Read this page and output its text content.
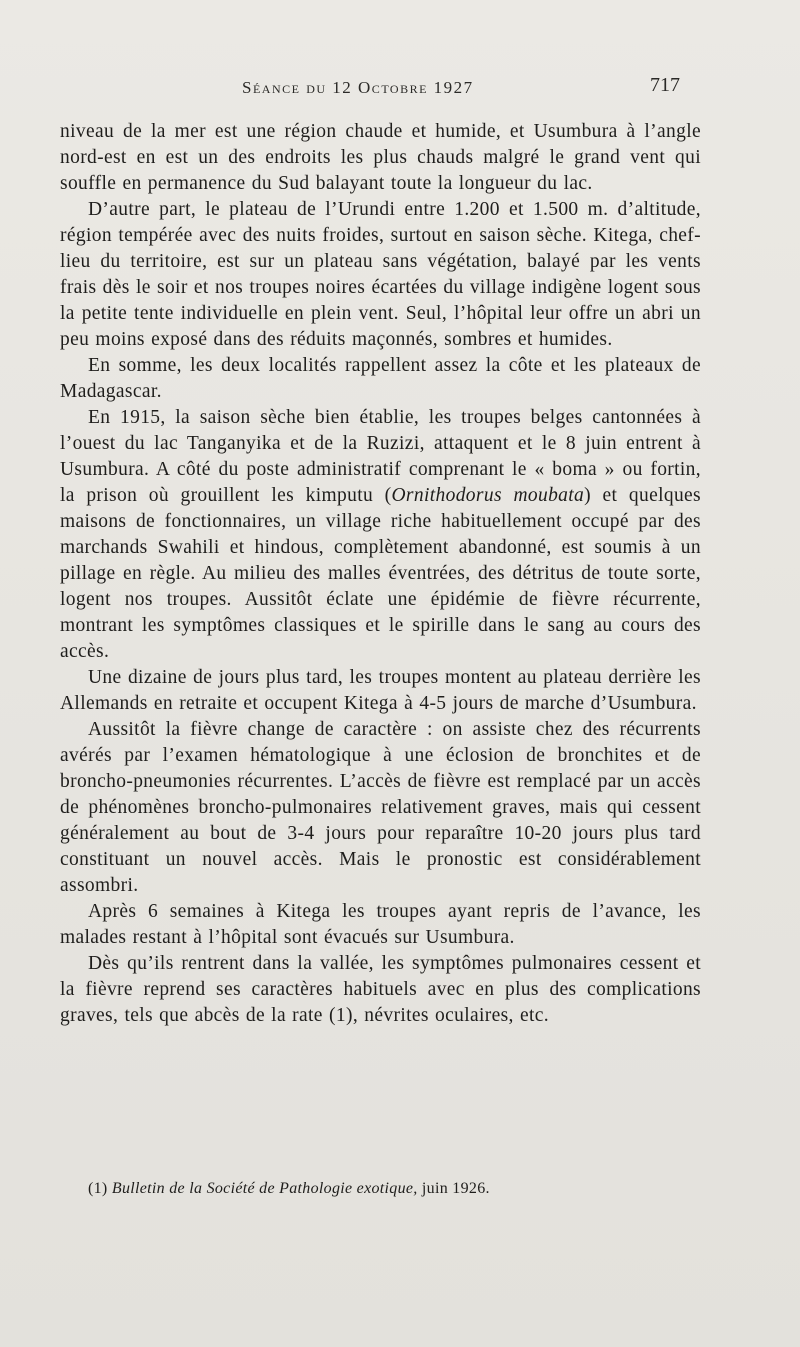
Séance du 12 Octobre 1927	717

niveau de la mer est une région chaude et humide, et Usumbura à l’angle nord-est en est un des endroits les plus chauds malgré le grand vent qui souffle en permanence du Sud balayant toute la longueur du lac.

D’autre part, le plateau de l’Urundi entre 1.200 et 1.500 m. d’altitude, région tempérée avec des nuits froides, surtout en saison sèche. Kitega, chef-lieu du territoire, est sur un plateau sans végétation, balayé par les vents frais dès le soir et nos troupes noires écartées du village indigène logent sous la petite tente individuelle en plein vent. Seul, l’hôpital leur offre un abri un peu moins exposé dans des réduits maçonnés, sombres et humides.

En somme, les deux localités rappellent assez la côte et les plateaux de Madagascar.

En 1915, la saison sèche bien établie, les troupes belges cantonnées à l’ouest du lac Tanganyika et de la Ruzizi, attaquent et le 8 juin entrent à Usumbura. A côté du poste administratif comprenant le « boma » ou fortin, la prison où grouillent les kimputu (Ornithodorus moubata) et quelques maisons de fonctionnaires, un village riche habituellement occupé par des marchands Swahili et hindous, complètement abandonné, est soumis à un pillage en règle. Au milieu des malles éventrées, des détritus de toute sorte, logent nos troupes. Aussitôt éclate une épidémie de fièvre récurrente, montrant les symptômes classiques et le spirille dans le sang au cours des accès.

Une dizaine de jours plus tard, les troupes montent au plateau derrière les Allemands en retraite et occupent Kitega à 4-5 jours de marche d’Usumbura.

Aussitôt la fièvre change de caractère : on assiste chez des récurrents avérés par l’examen hématologique à une éclosion de bronchites et de broncho-pneumonies récurrentes. L’accès de fièvre est remplacé par un accès de phénomènes broncho-pulmonaires relativement graves, mais qui cessent généralement au bout de 3-4 jours pour reparaître 10-20 jours plus tard constituant un nouvel accès. Mais le pronostic est considérablement assombri.

Après 6 semaines à Kitega les troupes ayant repris de l’avance, les malades restant à l’hôpital sont évacués sur Usumbura.

Dès qu’ils rentrent dans la vallée, les symptômes pulmonaires cessent et la fièvre reprend ses caractères habituels avec en plus des complications graves, tels que abcès de la rate (1), névrites oculaires, etc.

(1) Bulletin de la Société de Pathologie exotique, juin 1926.
